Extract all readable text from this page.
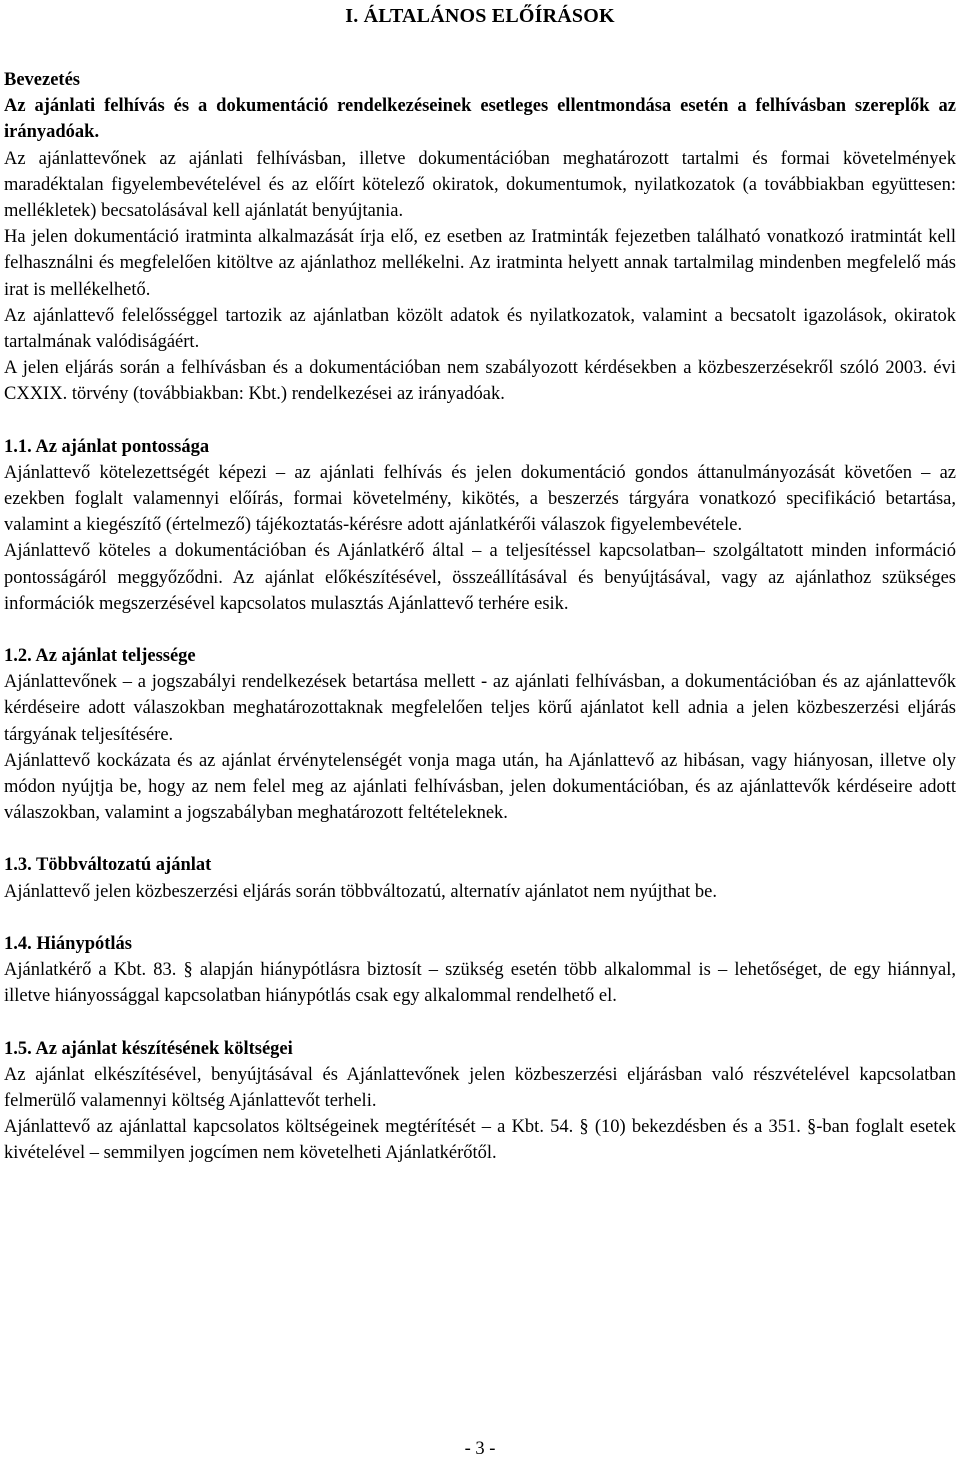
I. ÁLTALÁNOS ELŐÍRÁSOK

Bevezetés

Az ajánlati felhívás és a dokumentáció rendelkezéseinek esetleges ellentmondása esetén a felhívásban szereplők az irányadóak.

Az ajánlattevőnek az ajánlati felhívásban, illetve dokumentációban meghatározott tartalmi és formai követelmények maradéktalan figyelembevételével és az előírt kötelező okiratok, dokumentumok, nyilatkozatok (a továbbiakban együttesen: mellékletek) becsatolásával kell ajánlatát benyújtania.

Ha jelen dokumentáció iratminta alkalmazását írja elő, ez esetben az Iratminták fejezetben található vonatkozó iratmintát kell felhasználni és megfelelően kitöltve az ajánlathoz mellékelni. Az iratminta helyett annak tartalmilag mindenben megfelelő más irat is mellékelhető.

Az ajánlattevő felelősséggel tartozik az ajánlatban közölt adatok és nyilatkozatok, valamint a becsatolt igazolások, okiratok tartalmának valódiságáért.

A jelen eljárás során a felhívásban és a dokumentációban nem szabályozott kérdésekben a közbeszerzésekről szóló 2003. évi CXXIX. törvény (továbbiakban: Kbt.) rendelkezései az irányadóak.

1.1. Az ajánlat pontossága

Ajánlattevő kötelezettségét képezi – az ajánlati felhívás és jelen dokumentáció gondos áttanulmányozását követően – az ezekben foglalt valamennyi előírás, formai követelmény, kikötés, a beszerzés tárgyára vonatkozó specifikáció betartása, valamint a kiegészítő (értelmező) tájékoztatás-kérésre adott ajánlatkérői válaszok figyelembevétele.

Ajánlattevő köteles a dokumentációban és Ajánlatkérő által – a teljesítéssel kapcsolatban– szolgáltatott minden információ pontosságáról meggyőződni. Az ajánlat előkészítésével, összeállításával és benyújtásával, vagy az ajánlathoz szükséges információk megszerzésével kapcsolatos mulasztás Ajánlattevő terhére esik.

1.2. Az ajánlat teljessége

Ajánlattevőnek – a jogszabályi rendelkezések betartása mellett - az ajánlati felhívásban, a dokumentációban és az ajánlattevők kérdéseire adott válaszokban meghatározottaknak megfelelően teljes körű ajánlatot kell adnia a jelen közbeszerzési eljárás tárgyának teljesítésére.

Ajánlattevő kockázata és az ajánlat érvénytelenségét vonja maga után, ha Ajánlattevő az hibásan, vagy hiányosan, illetve oly módon nyújtja be, hogy az nem felel meg az ajánlati felhívásban, jelen dokumentációban, és az ajánlattevők kérdéseire adott válaszokban, valamint a jogszabályban meghatározott feltételeknek.

1.3. Többváltozatú ajánlat

Ajánlattevő jelen közbeszerzési eljárás során többváltozatú, alternatív ajánlatot nem nyújthat be.

1.4. Hiánypótlás

Ajánlatkérő a Kbt. 83. § alapján hiánypótlásra biztosít – szükség esetén több alkalommal is – lehetőséget, de egy hiánnyal, illetve hiányossággal kapcsolatban hiánypótlás csak egy alkalommal rendelhető el.

1.5. Az ajánlat készítésének költségei

Az ajánlat elkészítésével, benyújtásával és Ajánlattevőnek jelen közbeszerzési eljárásban való részvételével kapcsolatban felmerülő valamennyi költség Ajánlattevőt terheli.

Ajánlattevő az ajánlattal kapcsolatos költségeinek megtérítését – a Kbt. 54. § (10) bekezdésben és a 351. §-ban foglalt esetek kivételével – semmilyen jogcímen nem követelheti Ajánlatkérőtől.

- 3 -
